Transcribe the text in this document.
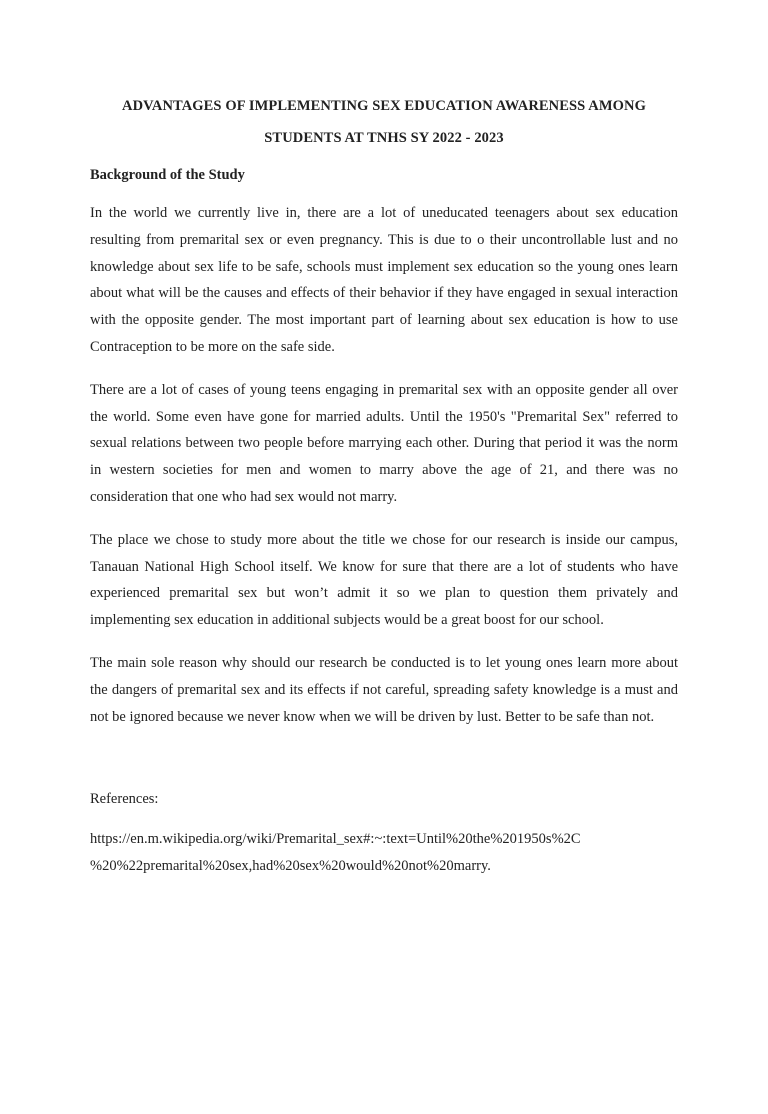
ADVANTAGES OF IMPLEMENTING SEX EDUCATION AWARENESS AMONG
STUDENTS AT TNHS SY 2022 - 2023
Background of the Study

In the world we currently live in, there are a lot of uneducated teenagers about sex education resulting from premarital sex or even pregnancy. This is due to o their uncontrollable lust and no knowledge about sex life to be safe, schools must implement sex education so the young ones learn about what will be the causes and effects of their behavior if they have engaged in sexual interaction with the opposite gender. The most important part of learning about sex education is how to use Contraception to be more on the safe side.

There are a lot of cases of young teens engaging in premarital sex with an opposite gender all over the world. Some even have gone for married adults. Until the 1950's "Premarital Sex" referred to sexual relations between two people before marrying each other. During that period it was the norm in western societies for men and women to marry above the age of 21, and there was no consideration that one who had sex would not marry.

The place we chose to study more about the title we chose for our research is inside our campus, Tanauan National High School itself. We know for sure that there are a lot of students who have experienced premarital sex but won’t admit it so we plan to question them privately and implementing sex education in additional subjects would be a great boost for our school.

The main sole reason why should our research be conducted is to let young ones learn more about the dangers of premarital sex and its effects if not careful, spreading safety knowledge is a must and not be ignored because we never know when we will be driven by lust. Better to be safe than not.

References:
https://en.m.wikipedia.org/wiki/Premarital_sex#:~:text=Until%20the%201950s%2C
%20%22premarital%20sex,had%20sex%20would%20not%20marry.
